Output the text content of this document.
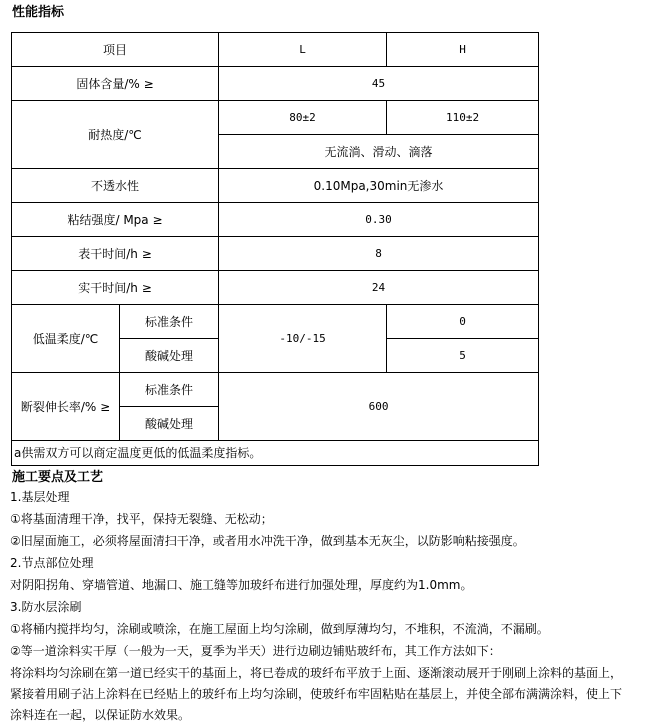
性能指标
项目		L	H
固体含量/% ≥		45	
耐热度/℃		80±2	110±2
		无流淌、滑动、滴落	
不透水性		0.10Mpa,30min无渗水	
粘结强度/ Mpa ≥		0.30	
表干时间/h ≥		8	
实干时间/h ≥		24	
低温柔度/℃	标准条件	-10/-15	0
	酸碱处理		5
断裂伸长率/% ≥	标准条件	600	
	酸碱处理		
a供需双方可以商定温度更低的低温柔度指标。			
施工要点及工艺
1.基层处理
①将基面清理干净，找平，保持无裂缝、无松动；
②旧屋面施工，必须将屋面清扫干净，或者用水冲洗干净，做到基本无灰尘，以防影响粘接强度。
2.节点部位处理
对阴阳拐角、穿墙管道、地漏口、施工缝等加玻纤布进行加强处理，厚度约为1.0mm。
3.防水层涂刷
①将桶内搅拌均匀，涂刷或喷涂，在施工屋面上均匀涂刷，做到厚薄均匀，不堆积，不流淌，不漏刷。
②等一道涂料实干厚（一般为一天，夏季为半天）进行边刷边铺贴玻纤布，其工作方法如下：
将涂料均匀涂刷在第一道已经实干的基面上，将已卷成的玻纤布平放于上面、逐渐滚动展开于刚刷上涂料的基面上，
紧接着用刷子沾上涂料在已经贴上的玻纤布上均匀涂刷，使玻纤布牢固粘贴在基层上，并使全部布满满涂料，使上下
涂料连在一起，以保证防水效果。
